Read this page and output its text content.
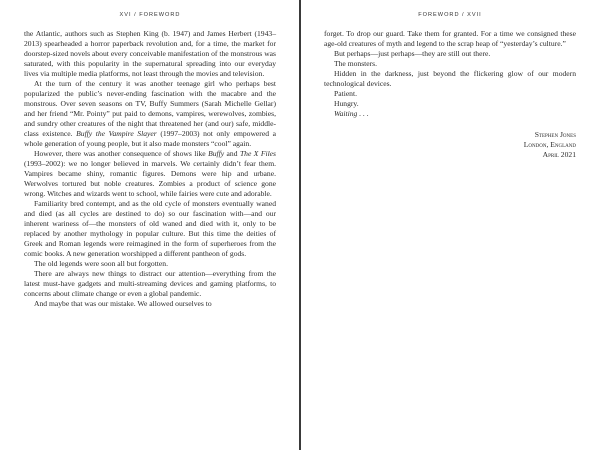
XVI / FOREWORD

the Atlantic, authors such as Stephen King (b. 1947) and James Herbert (1943–2013) spearheaded a horror paperback revolution and, for a time, the market for doorstep-sized novels about every conceivable manifestation of the monstrous was saturated, with this popularity in the supernatural spreading into our everyday lives via multiple media platforms, not least through the movies and television.

At the turn of the century it was another teenage girl who perhaps best popularized the public’s never-ending fascination with the macabre and the monstrous. Over seven seasons on TV, Buffy Summers (Sarah Michelle Gellar) and her friend “Mr. Pointy” put paid to demons, vampires, werewolves, zombies, and sundry other creatures of the night that threatened her (and our) safe, middle-class existence. Buffy the Vampire Slayer (1997–2003) not only empowered a whole generation of young people, but it also made monsters “cool” again.

However, there was another consequence of shows like Buffy and The X Files (1993–2002): we no longer believed in marvels. We certainly didn’t fear them. Vampires became shiny, romantic figures. Demons were hip and urbane. Werwolves tortured but noble creatures. Zombies a product of science gone wrong. Witches and wizards went to school, while fairies were cute and adorable.

Familiarity bred contempt, and as the old cycle of monsters eventually waned and died (as all cycles are destined to do) so our fascination with—and our inherent wariness of—the monsters of old waned and died with it, only to be replaced by another mythology in popular culture. But this time the deities of Greek and Roman legends were reimagined in the form of superheroes from the comic books. A new generation worshipped a different pantheon of gods.

The old legends were soon all but forgotten.

There are always new things to distract our attention—everything from the latest must-have gadgets and multi-streaming devices and gaming platforms, to concerns about climate change or even a global pandemic.

And maybe that was our mistake. We allowed ourselves to

FOREWORD / XVII

forget. To drop our guard. Take them for granted. For a time we consigned these age-old creatures of myth and legend to the scrap heap of “yesterday’s culture.”

But perhaps—just perhaps—they are still out there.

The monsters.

Hidden in the darkness, just beyond the flickering glow of our modern technological devices.

Patient.

Hungry.

Waiting . . .

Stephen Jones
London, England
April 2021
